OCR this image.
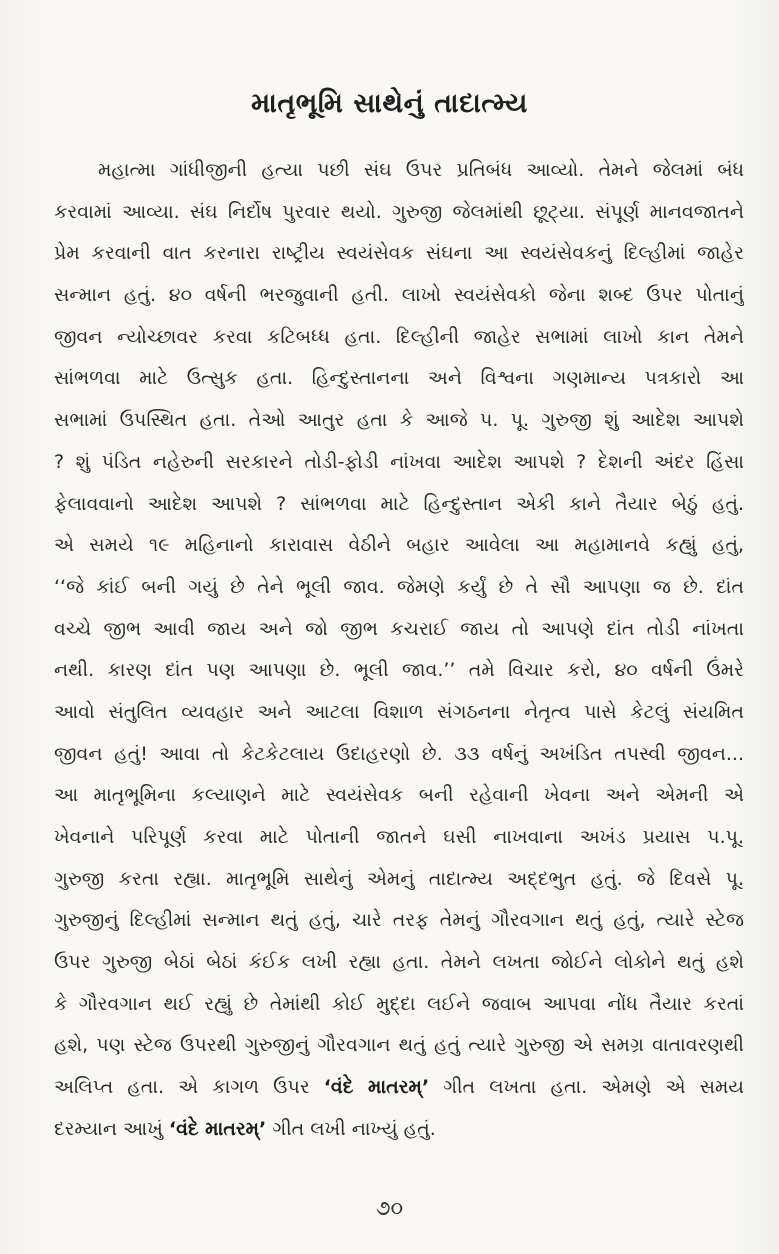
માતૃભૂમિ સાથેનું તાદાત્મ્ય
મહાત્મા ગાંધીજીની હત્યા પછી સંઘ ઉપર પ્રતિબંધ આવ્યો. તેમને જેલમાં બંધ
કરવામાં આવ્યા. સંઘ નિર્દોષ પુરવાર થયો. ગુરુજી જેલમાંથી છૂટ્યા. સંપૂર્ણ માનવજાતને
પ્રેમ કરવાની વાત કરનારા રાષ્ટ્રીય સ્વયંસેવક સંઘના આ સ્વયંસેવકનું દિલ્હીમાં જાહેર
સન્માન હતું. ૪૦ વર્ષની ભરજુવાની હતી. લાખો સ્વયંસેવકો જેના શબ્દ ઉપર પોતાનું
જીવન ન્યોચ્છાવર કરવા કટિબધ્ધ હતા. દિલ્હીની જાહેર સભામાં લાખો કાન તેમને
સાંભળવા માટે ઉત્સુક હતા. હિન્દુસ્તાનના અને વિશ્વના ગણમાન્ય પત્રકારો આ
સભામાં ઉપસ્થિત હતા. તેઓ આતુર હતા કે આજે પ. પૂ. ગુરુજી શું આદેશ આપશે
? શું પંડિત નહેરુની સરકારને તોડી-ફોડી નાંખવા આદેશ આપશે ? દેશની અંદર હિંસા
ફેલાવવાનો આદેશ આપશે ? સાંભળવા માટે હિન્દુસ્તાન એકી કાને તૈયાર બેઠું હતું.
એ સમયે ૧૯ મહિનાનો કારાવાસ વેઠીને બહાર આવેલા આ મહામાનવે કહ્યું હતું,
‘‘જે કાંઈ બની ગયું છે તેને ભૂલી જાવ. જેમણે કર્યું છે તે સૌ આપણા જ છે. દાંત
વચ્ચે જીભ આવી જાય અને જો જીભ કચરાઈ જાય તો આપણે દાંત તોડી નાંખતા
નથી. કારણ દાંત પણ આપણા છે. ભૂલી જાવ.’’ તમે વિચાર કરો, ૪૦ વર્ષની ઉંમરે
આવો સંતુલિત વ્યવહાર અને આટલા વિશાળ સંગઠનના નેતૃત્વ પાસે કેટલું સંયમિત
જીવન હતું! આવા તો કેટકેટલાય ઉદાહરણો છે. ૩૩ વર્ષનું અખંડિત તપસ્વી જીવન...
આ માતૃભૂમિના કલ્યાણને માટે સ્વયંસેવક બની રહેવાની ખેવના અને એમની એ
ખેવનાને પરિપૂર્ણ કરવા માટે પોતાની જાતને ઘસી નાખવાના અખંડ પ્રયાસ પ.પૂ.
ગુરુજી કરતા રહ્યા. માતૃભૂમિ સાથેનું એમનું તાદાત્મ્ય અદ્દભુત હતું. જે દિવસે પૂ.
ગુરુજીનું દિલ્હીમાં સન્માન થતું હતું, ચારે તરફ તેમનું ગૌરવગાન થતું હતું, ત્યારે સ્ટેજ
ઉપર ગુરુજી બેઠાં બેઠાં કંઈક લખી રહ્યા હતા. તેમને લખતા જોઈને લોકોને થતું હશે
કે ગૌરવગાન થઈ રહ્યું છે તેમાંથી કોઈ મુદ્દા લઈને જવાબ આપવા નોંધ તૈયાર કરતાં
હશે, પણ સ્ટેજ ઉપરથી ગુરુજીનું ગૌરવગાન થતું હતું ત્યારે ગુરુજી એ સમગ્ર વાતાવરણથી
અલિપ્ત હતા. એ કાગળ ઉપર ‘વંદે માતરમ્’ ગીત લખતા હતા. એમણે એ સમય
દરમ્યાન આખું ‘વંદે માતરમ્’ ગીત લખી નાખ્યું હતું.
૭૦
